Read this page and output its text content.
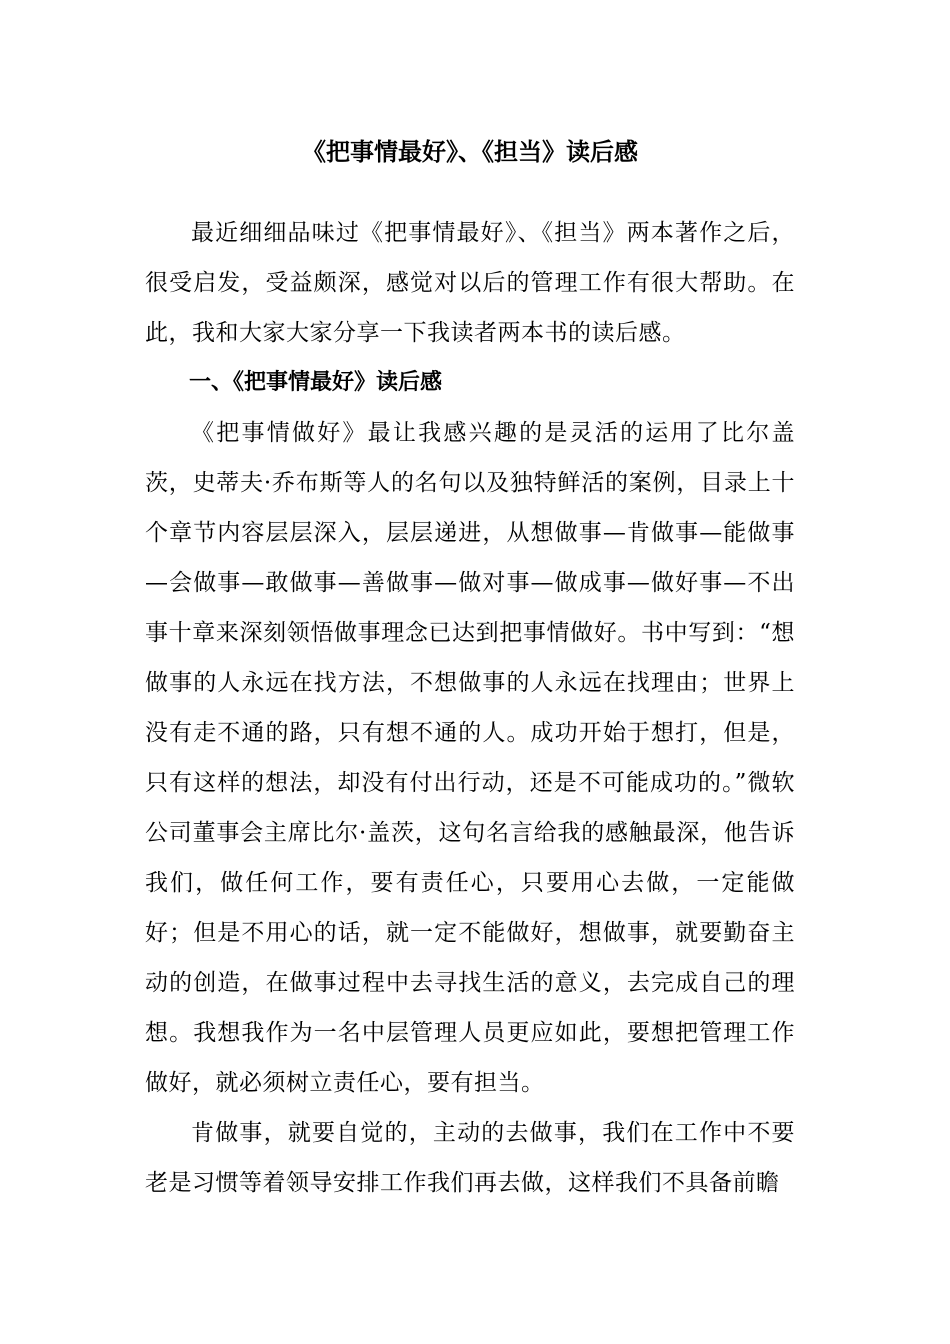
《把事情最好》、《担当》读后感

最近细细品味过《把事情最好》、《担当》两本著作之后，很受启发，受益颇深，感觉对以后的管理工作有很大帮助。在此，我和大家大家分享一下我读者两本书的读后感。

一、《把事情最好》读后感

《把事情做好》最让我感兴趣的是灵活的运用了比尔盖茨，史蒂夫·乔布斯等人的名句以及独特鲜活的案例，目录上十个章节内容层层深入，层层递进，从想做事—肯做事—能做事—会做事—敢做事—善做事—做对事—做成事—做好事—不出事十章来深刻领悟做事理念已达到把事情做好。书中写到：“想做事的人永远在找方法，不想做事的人永远在找理由；世界上没有走不通的路，只有想不通的人。成功开始于想打，但是，只有这样的想法，却没有付出行动，还是不可能成功的。”微软公司董事会主席比尔·盖茨，这句名言给我的感触最深，他告诉我们，做任何工作，要有责任心，只要用心去做，一定能做好；但是不用心的话，就一定不能做好，想做事，就要勤奋主动的创造，在做事过程中去寻找生活的意义，去完成自己的理想。我想我作为一名中层管理人员更应如此，要想把管理工作做好，就必须树立责任心，要有担当。

肯做事，就要自觉的，主动的去做事，我们在工作中不要老是习惯等着领导安排工作我们再去做，这样我们不具备前瞻
